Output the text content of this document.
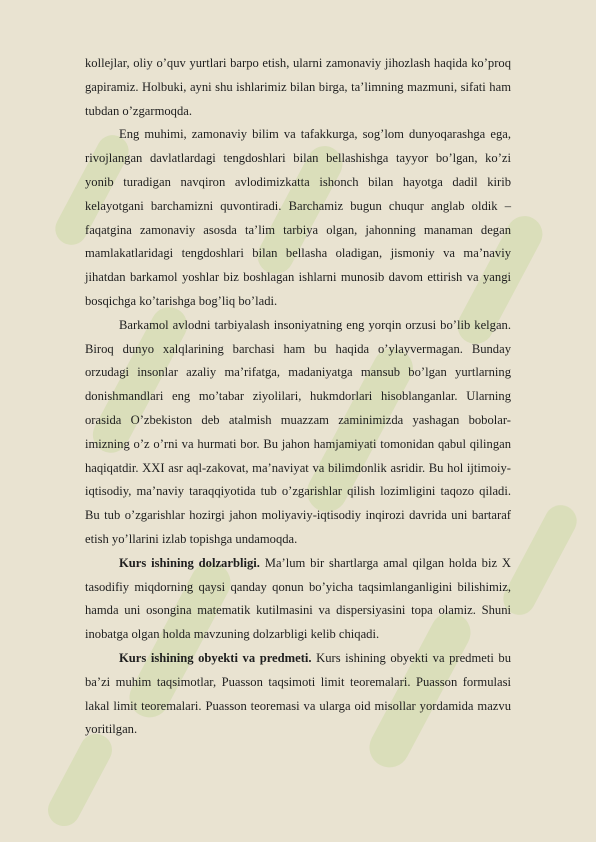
kollejlar, oliy o’quv yurtlari barpo etish, ularni zamonaviy jihozlash haqida ko’proq gapiramiz. Holbuki, ayni shu ishlarimiz bilan birga, ta’limning mazmuni, sifati ham tubdan o’zgarmoqda.

Eng muhimi, zamonaviy bilim va tafakkurga, sog’lom dunyoqarashga ega, rivojlangan davlatlardagi tengdoshlari bilan bellashishga tayyor bo’lgan, ko’zi yonib turadigan navqiron avlodimizkatta ishonch bilan hayotga dadil kirib kelayotgani barchamizni quvontiradi. Barchamiz bugun chuqur anglab oldik – faqatgina zamonaviy asosda ta’lim tarbiya olgan, jahonning manaman degan mamlakatlaridagi tengdoshlari bilan bellasha oladigan, jismoniy va ma’naviy jihatdan barkamol yoshlar biz boshlagan ishlarni munosib davom ettirish va yangi bosqichga ko’tarishga bog’liq bo’ladi.

Barkamol avlodni tarbiyalash insoniyatning eng yorqin orzusi bo’lib kelgan. Biroq dunyo xalqlarining barchasi ham bu haqida o’ylayvermagan. Bunday orzudagi insonlar azaliy ma’rifatga, madaniyatga mansub bo’lgan yurtlarning donishmandlari eng mo’tabar ziyolilari, hukmdorlari hisoblanganlar. Ularning orasida O’zbekiston deb atalmish muazzam zaminimizda yashagan bobolar-imizning o’z o’rni va hurmati bor. Bu jahon hamjamiyati tomonidan qabul qilingan haqiqatdir. XXI asr aql-zakovat, ma’naviyat va bilimdonlik asridir. Bu hol ijtimoiy-iqtisodiy, ma’naviy taraqqiyotida tub o’zgarishlar qilish lozimligini taqozo qiladi. Bu tub o’zgarishlar hozirgi jahon moliyaviy-iqtisodiy inqirozi davrida uni bartaraf etish yo’llarini izlab topishga undamoqda.

Kurs ishining dolzarbligi. Ma’lum bir shartlarga amal qilgan holda biz X tasodifiy miqdorning qaysi qanday qonun bo’yicha taqsimlanganligini bilishimiz, hamda uni osongina matematik kutilmasini va dispersiyasini topa olamiz. Shuni inobatga olgan holda mavzuning dolzarbligi kelib chiqadi.

Kurs ishining obyekti va predmeti. Kurs ishining obyekti va predmeti bu ba’zi muhim taqsimotlar, Puasson taqsimoti limit teoremalari. Puasson formulasi lakal limit teoremalari. Puasson teoremasi va ularga oid misollar yordamida mazvu yoritilgan.
